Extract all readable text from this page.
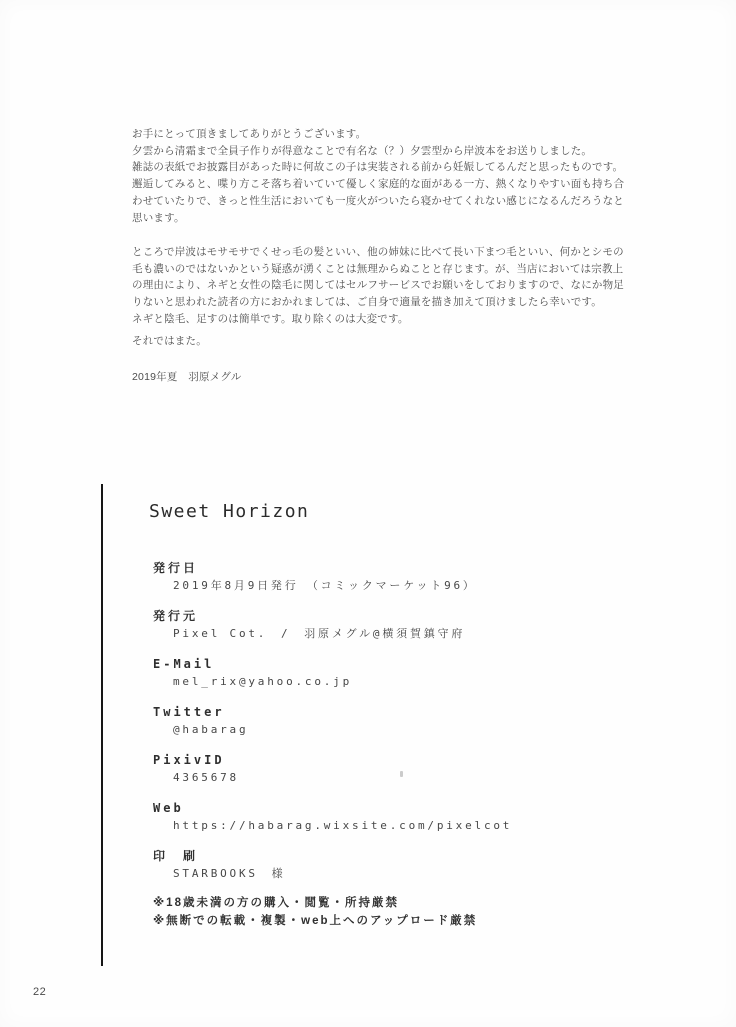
お手にとって頂きましてありがとうございます。
夕雲から清霜まで全員子作りが得意なことで有名な（？）夕雲型から岸波本をお送りしました。
雑誌の表紙でお披露目があった時に何故この子は実装される前から妊娠してるんだと思ったものです。
邂逅してみると、喋り方こそ落ち着いていて優しく家庭的な面がある一方、熱くなりやすい面も持ち合
わせていたりで、きっと性生活においても一度火がついたら寝かせてくれない感じになるんだろうなと
思います。
ところで岸波はモサモサでくせっ毛の髪といい、他の姉妹に比べて長い下まつ毛といい、何かとシモの
毛も濃いのではないかという疑惑が湧くことは無理からぬことと存じます。が、当店においては宗教上
の理由により、ネギと女性の陰毛に関してはセルフサービスでお願いをしておりますので、なにか物足
りないと思われた読者の方におかれましては、ご自身で適量を描き加えて頂けましたら幸いです。
ネギと陰毛、足すのは簡単です。取り除くのは大変です。
それではまた。
2019年夏　羽原メグル
Sweet Horizon
発行日
2019年8月9日発行　（コミックマーケット96）
発行元
Pixel Cot.　/　羽原メグル@横須賀鎮守府
E-Mail
mel_rix@yahoo.co.jp
Twitter
@habarag
PixivID
4365678
Web
https://habarag.wixsite.com/pixelcot
印　刷
STARBOOKS　様
※18歳未満の方の購入・閲覧・所持厳禁
※無断での転載・複製・web上へのアップロード厳禁
22
